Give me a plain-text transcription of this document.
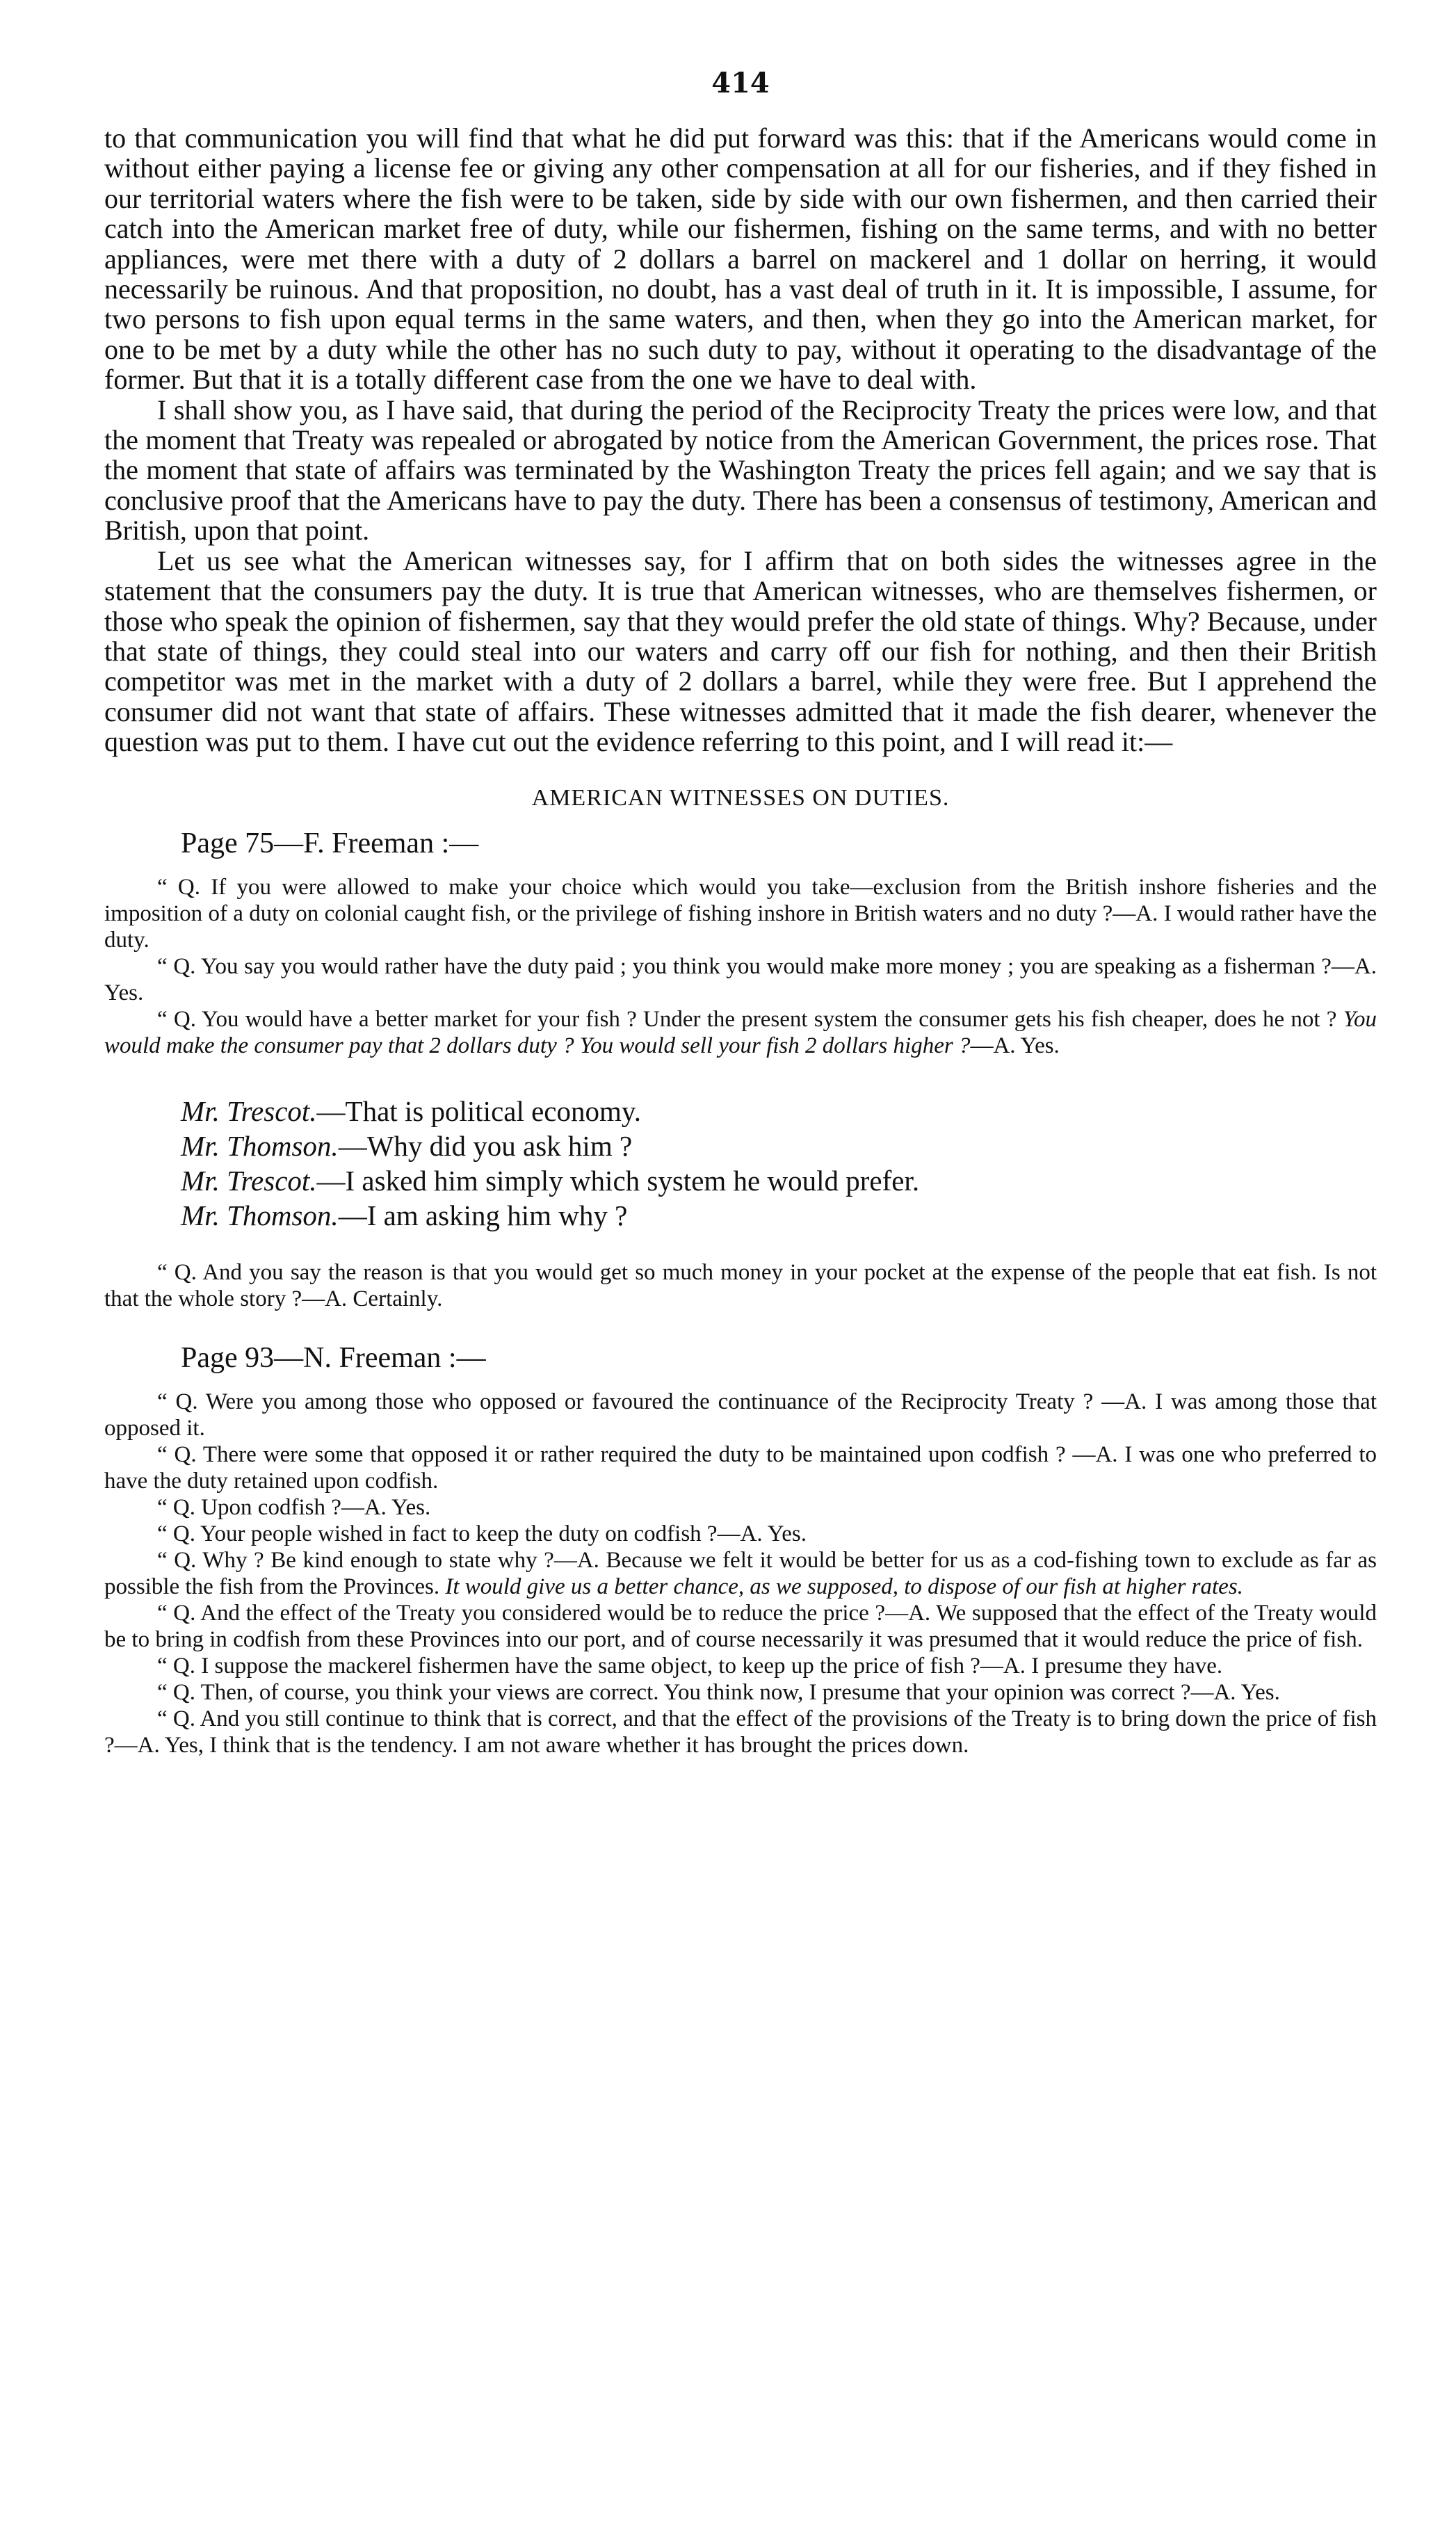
414

to that communication you will find that what he did put forward was this: that if the Americans would come in without either paying a license fee or giving any other compensation at all for our fisheries, and if they fished in our territorial waters where the fish were to be taken, side by side with our own fishermen, and then carried their catch into the American market free of duty, while our fishermen, fishing on the same terms, and with no better appliances, were met there with a duty of 2 dollars a barrel on mackerel and 1 dollar on herring, it would necessarily be ruinous. And that proposition, no doubt, has a vast deal of truth in it. It is impossible, I assume, for two persons to fish upon equal terms in the same waters, and then, when they go into the American market, for one to be met by a duty while the other has no such duty to pay, without it operating to the disadvantage of the former. But that it is a totally different case from the one we have to deal with.

I shall show you, as I have said, that during the period of the Reciprocity Treaty the prices were low, and that the moment that Treaty was repealed or abrogated by notice from the American Government, the prices rose. That the moment that state of affairs was terminated by the Washington Treaty the prices fell again; and we say that is conclusive proof that the Americans have to pay the duty. There has been a consensus of testimony, American and British, upon that point.

Let us see what the American witnesses say, for I affirm that on both sides the witnesses agree in the statement that the consumers pay the duty. It is true that American witnesses, who are themselves fishermen, or those who speak the opinion of fishermen, say that they would prefer the old state of things. Why? Because, under that state of things, they could steal into our waters and carry off our fish for nothing, and then their British competitor was met in the market with a duty of 2 dollars a barrel, while they were free. But I apprehend the consumer did not want that state of affairs. These witnesses admitted that it made the fish dearer, whenever the question was put to them. I have cut out the evidence referring to this point, and I will read it:—

AMERICAN WITNESSES ON DUTIES.
Page 75—F. Freeman :—

“ Q. If you were allowed to make your choice which would you take—exclusion from the British inshore fisheries and the imposition of a duty on colonial caught fish, or the privilege of fishing inshore in British waters and no duty ?—A. I would rather have the duty.

“ Q. You say you would rather have the duty paid ; you think you would make more money ; you are speaking as a fisherman ?—A. Yes.

“ Q. You would have a better market for your fish ? Under the present system the consumer gets his fish cheaper, does he not ? You would make the consumer pay that 2 dollars duty ? You would sell your fish 2 dollars higher ?—A. Yes.

Mr. Trescot.—That is political economy.

Mr. Thomson.—Why did you ask him ?

Mr. Trescot.—I asked him simply which system he would prefer.

Mr. Thomson.—I am asking him why ?

“ Q. And you say the reason is that you would get so much money in your pocket at the expense of the people that eat fish. Is not that the whole story ?—A. Certainly.

Page 93—N. Freeman :—

“ Q. Were you among those who opposed or favoured the continuance of the Reciprocity Treaty ? —A. I was among those that opposed it.

“ Q. There were some that opposed it or rather required the duty to be maintained upon codfish ? —A. I was one who preferred to have the duty retained upon codfish.

“ Q. Upon codfish ?—A. Yes.

“ Q. Your people wished in fact to keep the duty on codfish ?—A. Yes.

“ Q. Why ? Be kind enough to state why ?—A. Because we felt it would be better for us as a cod-fishing town to exclude as far as possible the fish from the Provinces. It would give us a better chance, as we supposed, to dispose of our fish at higher rates.

“ Q. And the effect of the Treaty you considered would be to reduce the price ?—A. We supposed that the effect of the Treaty would be to bring in codfish from these Provinces into our port, and of course necessarily it was presumed that it would reduce the price of fish.

“ Q. I suppose the mackerel fishermen have the same object, to keep up the price of fish ?—A. I presume they have.

“ Q. Then, of course, you think your views are correct. You think now, I presume that your opinion was correct ?—A. Yes.

“ Q. And you still continue to think that is correct, and that the effect of the provisions of the Treaty is to bring down the price of fish ?—A. Yes, I think that is the tendency. I am not aware whether it has brought the prices down.
